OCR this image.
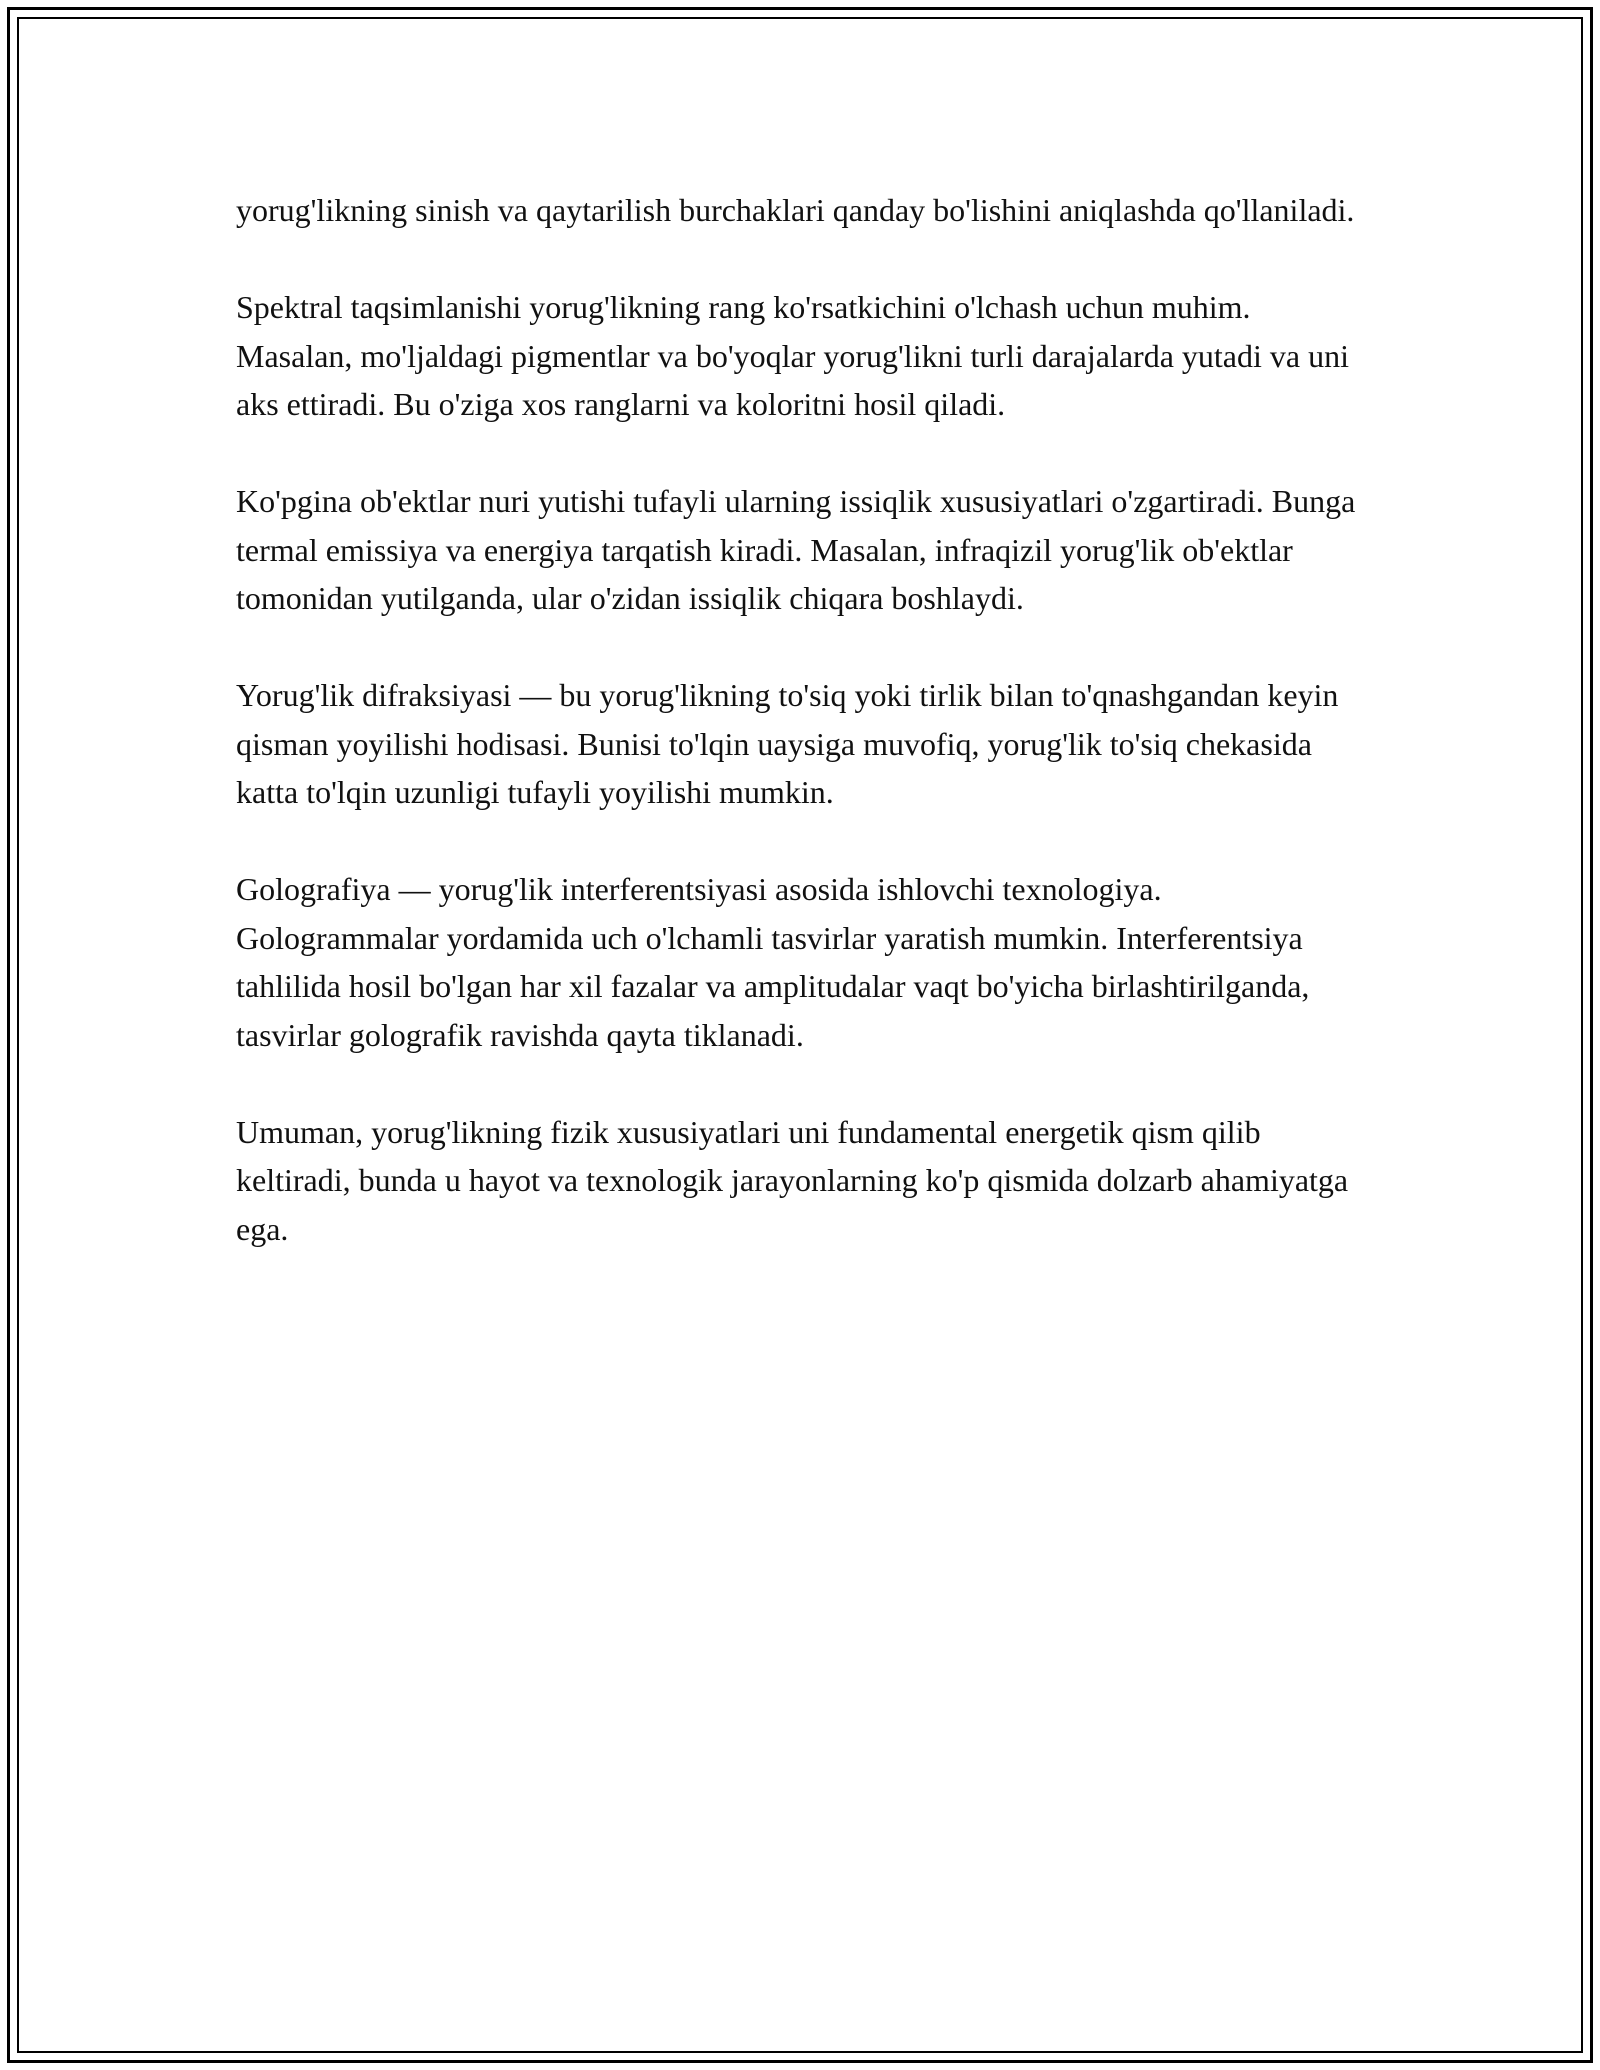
yorug'likning sinish va qaytarilish burchaklari qanday bo'lishini aniqlashda qo'llaniladi.

Spektral taqsimlanishi yorug'likning rang ko'rsatkichini o'lchash uchun muhim. Masalan, mo'ljaldagi pigmentlar va bo'yoqlar yorug'likni turli darajalarda yutadi va uni aks ettiradi. Bu o'ziga xos ranglarni va koloritni hosil qiladi.

Ko'pgina ob'ektlar nuri yutishi tufayli ularning issiqlik xususiyatlari o'zgartiradi. Bunga termal emissiya va energiya tarqatish kiradi. Masalan, infraqizil yorug'lik ob'ektlar tomonidan yutilganda, ular o'zidan issiqlik chiqara boshlaydi.

Yorug'lik difraksiyasi — bu yorug'likning to'siq yoki tirlik bilan to'qnashgandan keyin qisman yoyilishi hodisasi. Bunisi to'lqin uaysiga muvofiq, yorug'lik to'siq chekasida katta to'lqin uzunligi tufayli yoyilishi mumkin.

Golografiya — yorug'lik interferentsiyasi asosida ishlovchi texnologiya. Gologrammalar yordamida uch o'lchamli tasvirlar yaratish mumkin. Interferentsiya tahlilida hosil bo'lgan har xil fazalar va amplitudalar vaqt bo'yicha birlashtirilganda, tasvirlar golografik ravishda qayta tiklanadi.

Umuman, yorug'likning fizik xususiyatlari uni fundamental energetik qism qilib keltiradi, bunda u hayot va texnologik jarayonlarning ko'p qismida dolzarb ahamiyatga ega.
